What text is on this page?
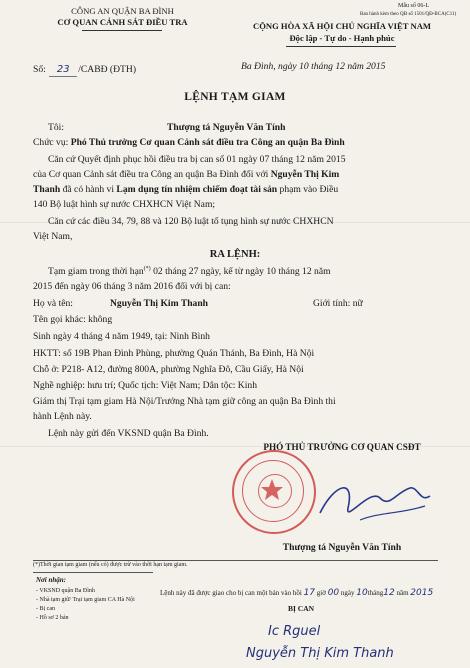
Mẫu số 06-L
Ban hành kèm theo QĐ số 1501/QĐ-BCA(C11)
CÔNG AN QUẬN BA ĐÌNH
CƠ QUAN CẢNH SÁT ĐIỀU TRA	CỘNG HÒA XÃ HỘI CHỦ NGHĨA VIỆT NAM
Độc lập - Tự do - Hạnh phúc
Số: 23 /CABĐ (ĐTH)	Ba Đình, ngày 10 tháng 12 năm 2015
LỆNH TẠM GIAM
Tôi:	Thượng tá Nguyễn Văn Tính
Chức vụ: Phó Thủ trưởng Cơ quan Cảnh sát điều tra Công an quận Ba Đình
Căn cứ Quyết định phục hồi điều tra bị can số 01 ngày 07 tháng 12 năm 2015
của Cơ quan Cảnh sát điều tra Công an quận Ba Đình đối với Nguyễn Thị Kim
Thanh đã có hành vi Lạm dụng tín nhiệm chiếm đoạt tài sản phạm vào Điều
140 Bộ luật hình sự nước CHXHCN Việt Nam;
Căn cứ các điều 34, 79, 88 và 120 Bộ luật tố tụng hình sự nước CHXHCN
Việt Nam,
RA LỆNH:
Tạm giam trong thời hạn(*) 02 tháng 27 ngày, kể từ ngày 10 tháng 12 năm
2015 đến ngày 06 tháng 3 năm 2016 đối với bị can:
Họ và tên:	Nguyễn Thị Kim Thanh	Giới tính: nữ
Tên gọi khác: không
Sinh ngày 4 tháng 4 năm 1949, tại: Ninh Bình
HKTT: số 19B Phan Đình Phùng, phường Quán Thánh, Ba Đình, Hà Nội
Chỗ ở: P218- A12, đường 800A, phường Nghĩa Đô, Cầu Giấy, Hà Nội
Nghề nghiệp: hưu trí; Quốc tịch: Việt Nam; Dân tộc: Kinh
Giám thị Trại tạm giam Hà Nội/Trưởng Nhà tạm giữ công an quận Ba Đình thi
hành Lệnh này.
Lệnh này gửi đến VKSND quận Ba Đình.
PHÓ THỦ TRƯỞNG CƠ QUAN CSĐT
Thượng tá Nguyễn Văn Tính
(*)Thời gian tạm giam (nếu có) được trừ vào thời hạn tạm giam.
Nơi nhận:
- VKSND quận Ba Đình
- Nhà tạm giữ/ Trại tạm giam CA Hà Nội
- Bị can
- Hồ sơ 2 bản
Lệnh này đã được giao cho bị can một bản vào hồi 17 giờ 00 ngày 10tháng12 năm 2015
BỊ CAN
Ic Rguel
Nguyễn Thị Kim Thanh
